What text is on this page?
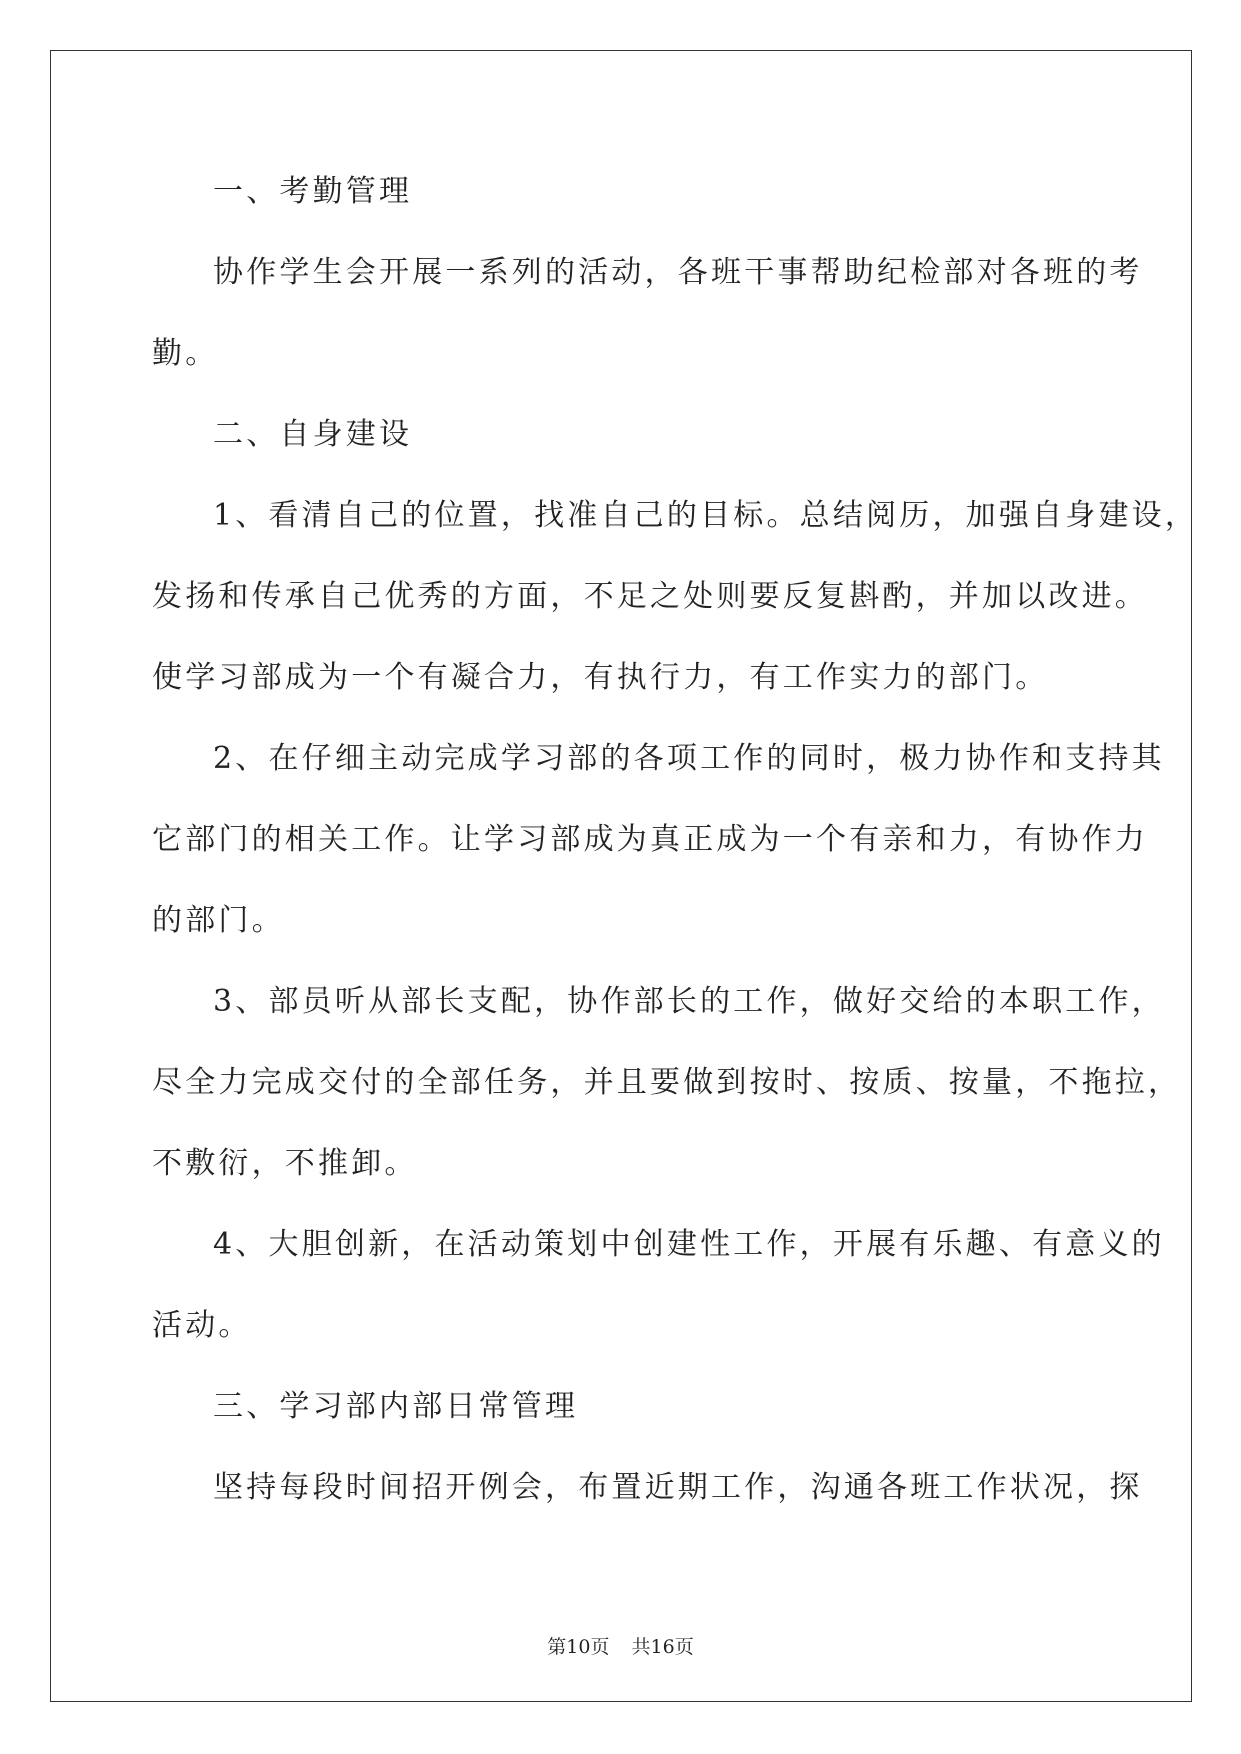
一、考勤管理
协作学生会开展一系列的活动，各班干事帮助纪检部对各班的考
勤。
二、自身建设
1、看清自己的位置，找准自己的目标。总结阅历，加强自身建设，
发扬和传承自己优秀的方面，不足之处则要反复斟酌，并加以改进。
使学习部成为一个有凝合力，有执行力，有工作实力的部门。
2、在仔细主动完成学习部的各项工作的同时，极力协作和支持其
它部门的相关工作。让学习部成为真正成为一个有亲和力，有协作力
的部门。
3、部员听从部长支配，协作部长的工作，做好交给的本职工作，
尽全力完成交付的全部任务，并且要做到按时、按质、按量，不拖拉，
不敷衍，不推卸。
4、大胆创新，在活动策划中创建性工作，开展有乐趣、有意义的
活动。
三、学习部内部日常管理
坚持每段时间招开例会，布置近期工作，沟通各班工作状况，探
第10页 共16页
